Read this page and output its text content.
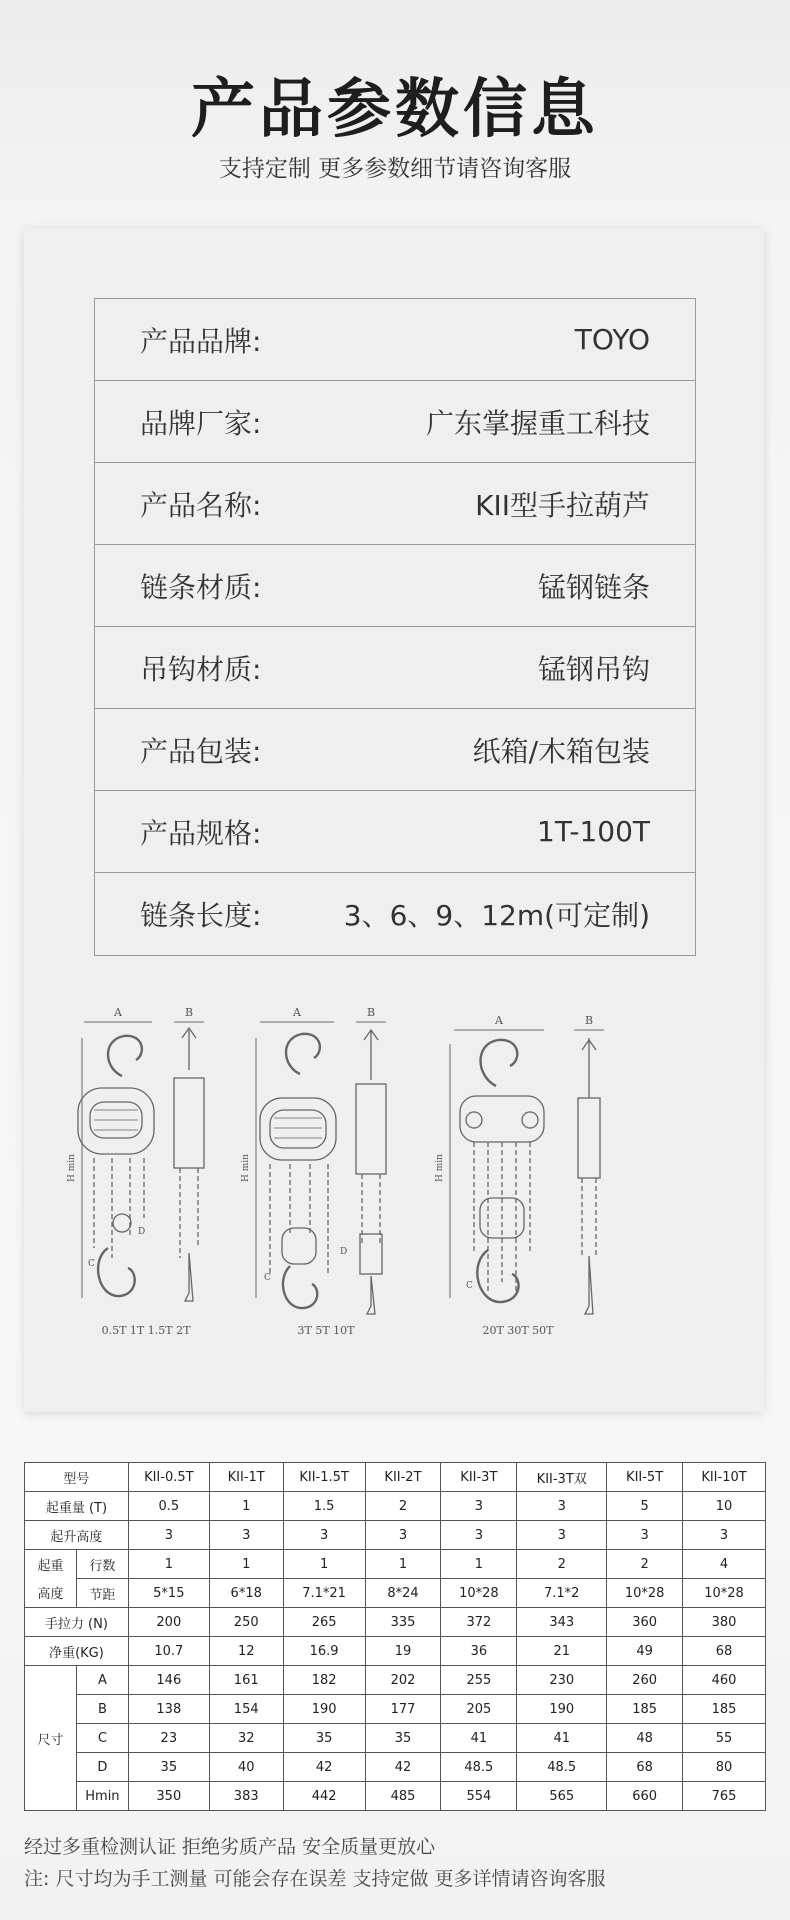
产品参数信息
支持定制 更多参数细节请咨询客服
产品品牌:	TOYO
品牌厂家:	广东掌握重工科技
产品名称:	KII型手拉葫芦
链条材质:	锰钢链条
吊钩材质:	锰钢吊钩
产品包装:	纸箱/木箱包装
产品规格:	1T-100T
链条长度:	3、6、9、12m(可定制)
A
H min
D
C
B
0.5T 1T 1.5T 2T
A
H min
D
C
B
3T 5T 10T
A
H min
C
B
20T 30T 50T
型号		KII-0.5T	KII-1T	KII-1.5T	KII-2T	KII-3T	KII-3T双	KII-5T	KII-10T
起重量 (T)		0.5	1	1.5	2	3	3	5	10
起升高度		3	3	3	3	3	3	3	3
起重	行数	1	1	1	1	1	2	2	4
高度	节距	5*15	6*18	7.1*21	8*24	10*28	7.1*2	10*28	10*28
手拉力 (N)		200	250	265	335	372	343	360	380
净重(KG)		10.7	12	16.9	19	36	21	49	68
尺寸	A	146	161	182	202	255	230	260	460
	B	138	154	190	177	205	190	185	185
	C	23	32	35	35	41	41	48	55
	D	35	40	42	42	48.5	48.5	68	80
	Hmin	350	383	442	485	554	565	660	765
经过多重检测认证 拒绝劣质产品 安全质量更放心
注: 尺寸均为手工测量 可能会存在误差 支持定做 更多详情请咨询客服
